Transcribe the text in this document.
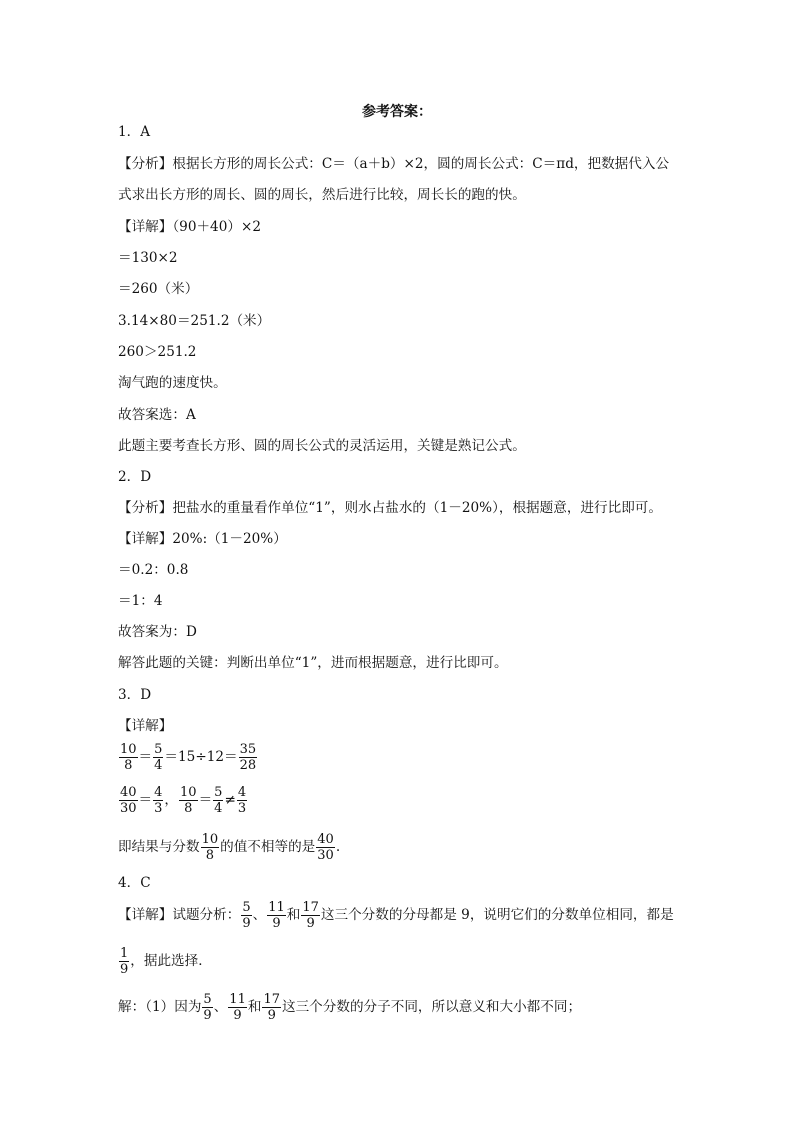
参考答案：
1．A
【分析】根据长方形的周长公式：C＝（a＋b）×2，圆的周长公式：C＝πd，把数据代入公
式求出长方形的周长、圆的周长，然后进行比较，周长长的跑的快。
【详解】（90＋40）×2
＝130×2
＝260（米）
3.14×80＝251.2（米）
260＞251.2
淘气跑的速度快。
故答案选：A
此题主要考查长方形、圆的周长公式的灵活运用，关键是熟记公式。
2．D
【分析】把盐水的重量看作单位“1”，则水占盐水的（1－20%），根据题意，进行比即可。
【详解】20%:（1－20%）
＝0.2：0.8
＝1：4
故答案为：D
解答此题的关键：判断出单位“1”，进而根据题意，进行比即可。
3．D
【详解】
$\frac{10}{8} = \frac{5}{4} =15\div 12= \frac{35}{28}$
$\frac{40}{30} = \frac{4}{3}$ ， $\frac{10}{8} = \frac{5}{4} \ne \frac{4}{3}$
即结果与分数 $\frac{10}{8}$ 的值不相等的是 $\frac{40}{30}$ .
4．C
【详解】试题分析： $\frac{5}{9}$ 、 $\frac{11}{9}$ 和 $\frac{17}{9}$ 这三个分数的分母都是 9，说明它们的分数单位相同，都是
$\frac{1}{9}$ ，据此选择．
解：（1）因为 $\frac{5}{9}$ 、 $\frac{11}{9}$ 和 $\frac{17}{9}$ 这三个分数的分子不同，所以意义和大小都不同；
